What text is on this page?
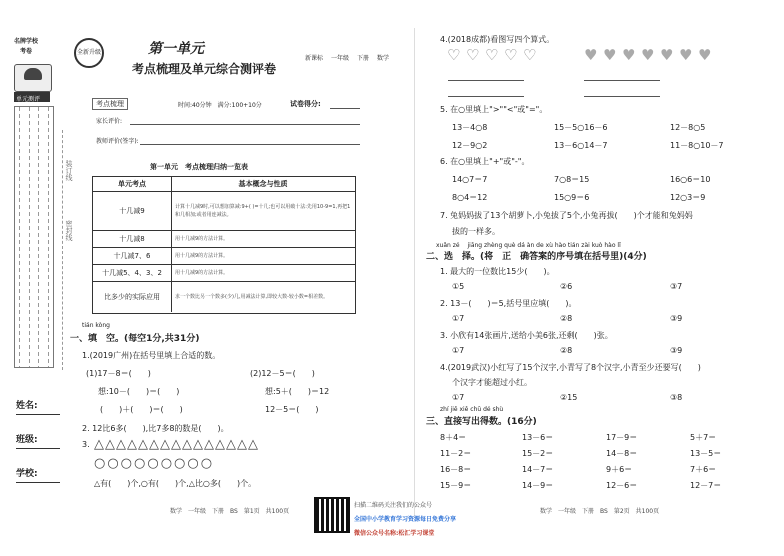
名牌学校
考卷
单元测评
姓名:
班级:
学校:
装订线
密封线
全新升级	第一单元
考点梳理及单元综合测评卷
新课标 一年级 下册 数学
考点梳理	时间:40分钟　满分:100+10分	试卷得分:
家长评价:
教师评价(签字):
第一单元　考点梳理归纳一览表
单元考点	基本概念与性质
十几减9	计算十几减9时,可以想加算减:9+( )=十几;也可以用破十法:先用10-9=1,再把1和几相加;或者用连减法。
十几减8	用十几减9的方法计算。
十几减7、6	用十几减9的方法计算。
十几减5、4、3、2	用十几减9的方法计算。
比多少的实际应用	求一个数比另一个数多(少)几,用减法计算,即较大数-较小数=相差数。
tián kòng
一、填　空。(每空1分,共31分)
1.(2019广州)在括号里填上合适的数。
(1)17－8＝(　　)	(2)12－5＝(　　)
想:10－(　　)＝(　　)	想:5＋(　　)＝12
(　　)＋(　　)＝(　　)	12－5＝(　　)
2. 12比6多(　　),比7多8的数是(　　)。
3. △△△△△△△△△△△△△△△
○○○○○○○○○
△有(　　)个,○有(　　)个,△比○多(　　)个。
4.(2018成都)看图写四个算式。
♡ ♡ ♡ ♡ ♡	♥ ♥ ♥ ♥ ♥ ♥ ♥
5. 在○里填上">""<"或"="。
13－4○8	15－5○16－6	12－8○5
12－9○2	13－6○14－7	11－8○10－7
6. 在○里填上"+"或"-"。
14○7＝7	7○8＝15	16○6＝10
8○4＝12	15○9＝6	12○3＝9
7. 兔妈妈拔了13个胡萝卜,小兔拔了5个,小兔再拔(　　)个才能和兔妈妈
拔的一样多。
xuǎn zé　 jiāng zhèng què dá àn de xù hào tián zài kuò hào lǐ
二、选　择。(将　正　确答案的序号填在括号里)(4分)
1. 最大的一位数比15少(　　)。
①5	②6	③7
2. 13－(　　)＝5,括号里应填(　　)。
①7	②8	③9
3. 小欣有14张画片,送给小美6张,还剩(　　)张。
①7	②8	③9
4.(2019武汉)小红写了15个汉字,小青写了8个汉字,小青至少还要写(　　)
个汉字才能超过小红。
①7	②15	③8
zhí jiē xiě chū dé shù
三、直接写出得数。(16分)
8＋4＝	13－6＝	17－9＝	5＋7＝
11－2＝	15－2＝	14－8＝	13－5＝
16－8＝	14－7＝	9＋6＝	7＋6＝
15－9＝	14－9＝	12－6＝	12－7＝
数学　一年级　下册　BS　第1页　共100页
扫描二维码关注我们的公众号
全国中小学教育学习资源每日免费分享
微信公众号名称:松汇学习课堂
数学　一年级　下册　BS　第2页　共100页
